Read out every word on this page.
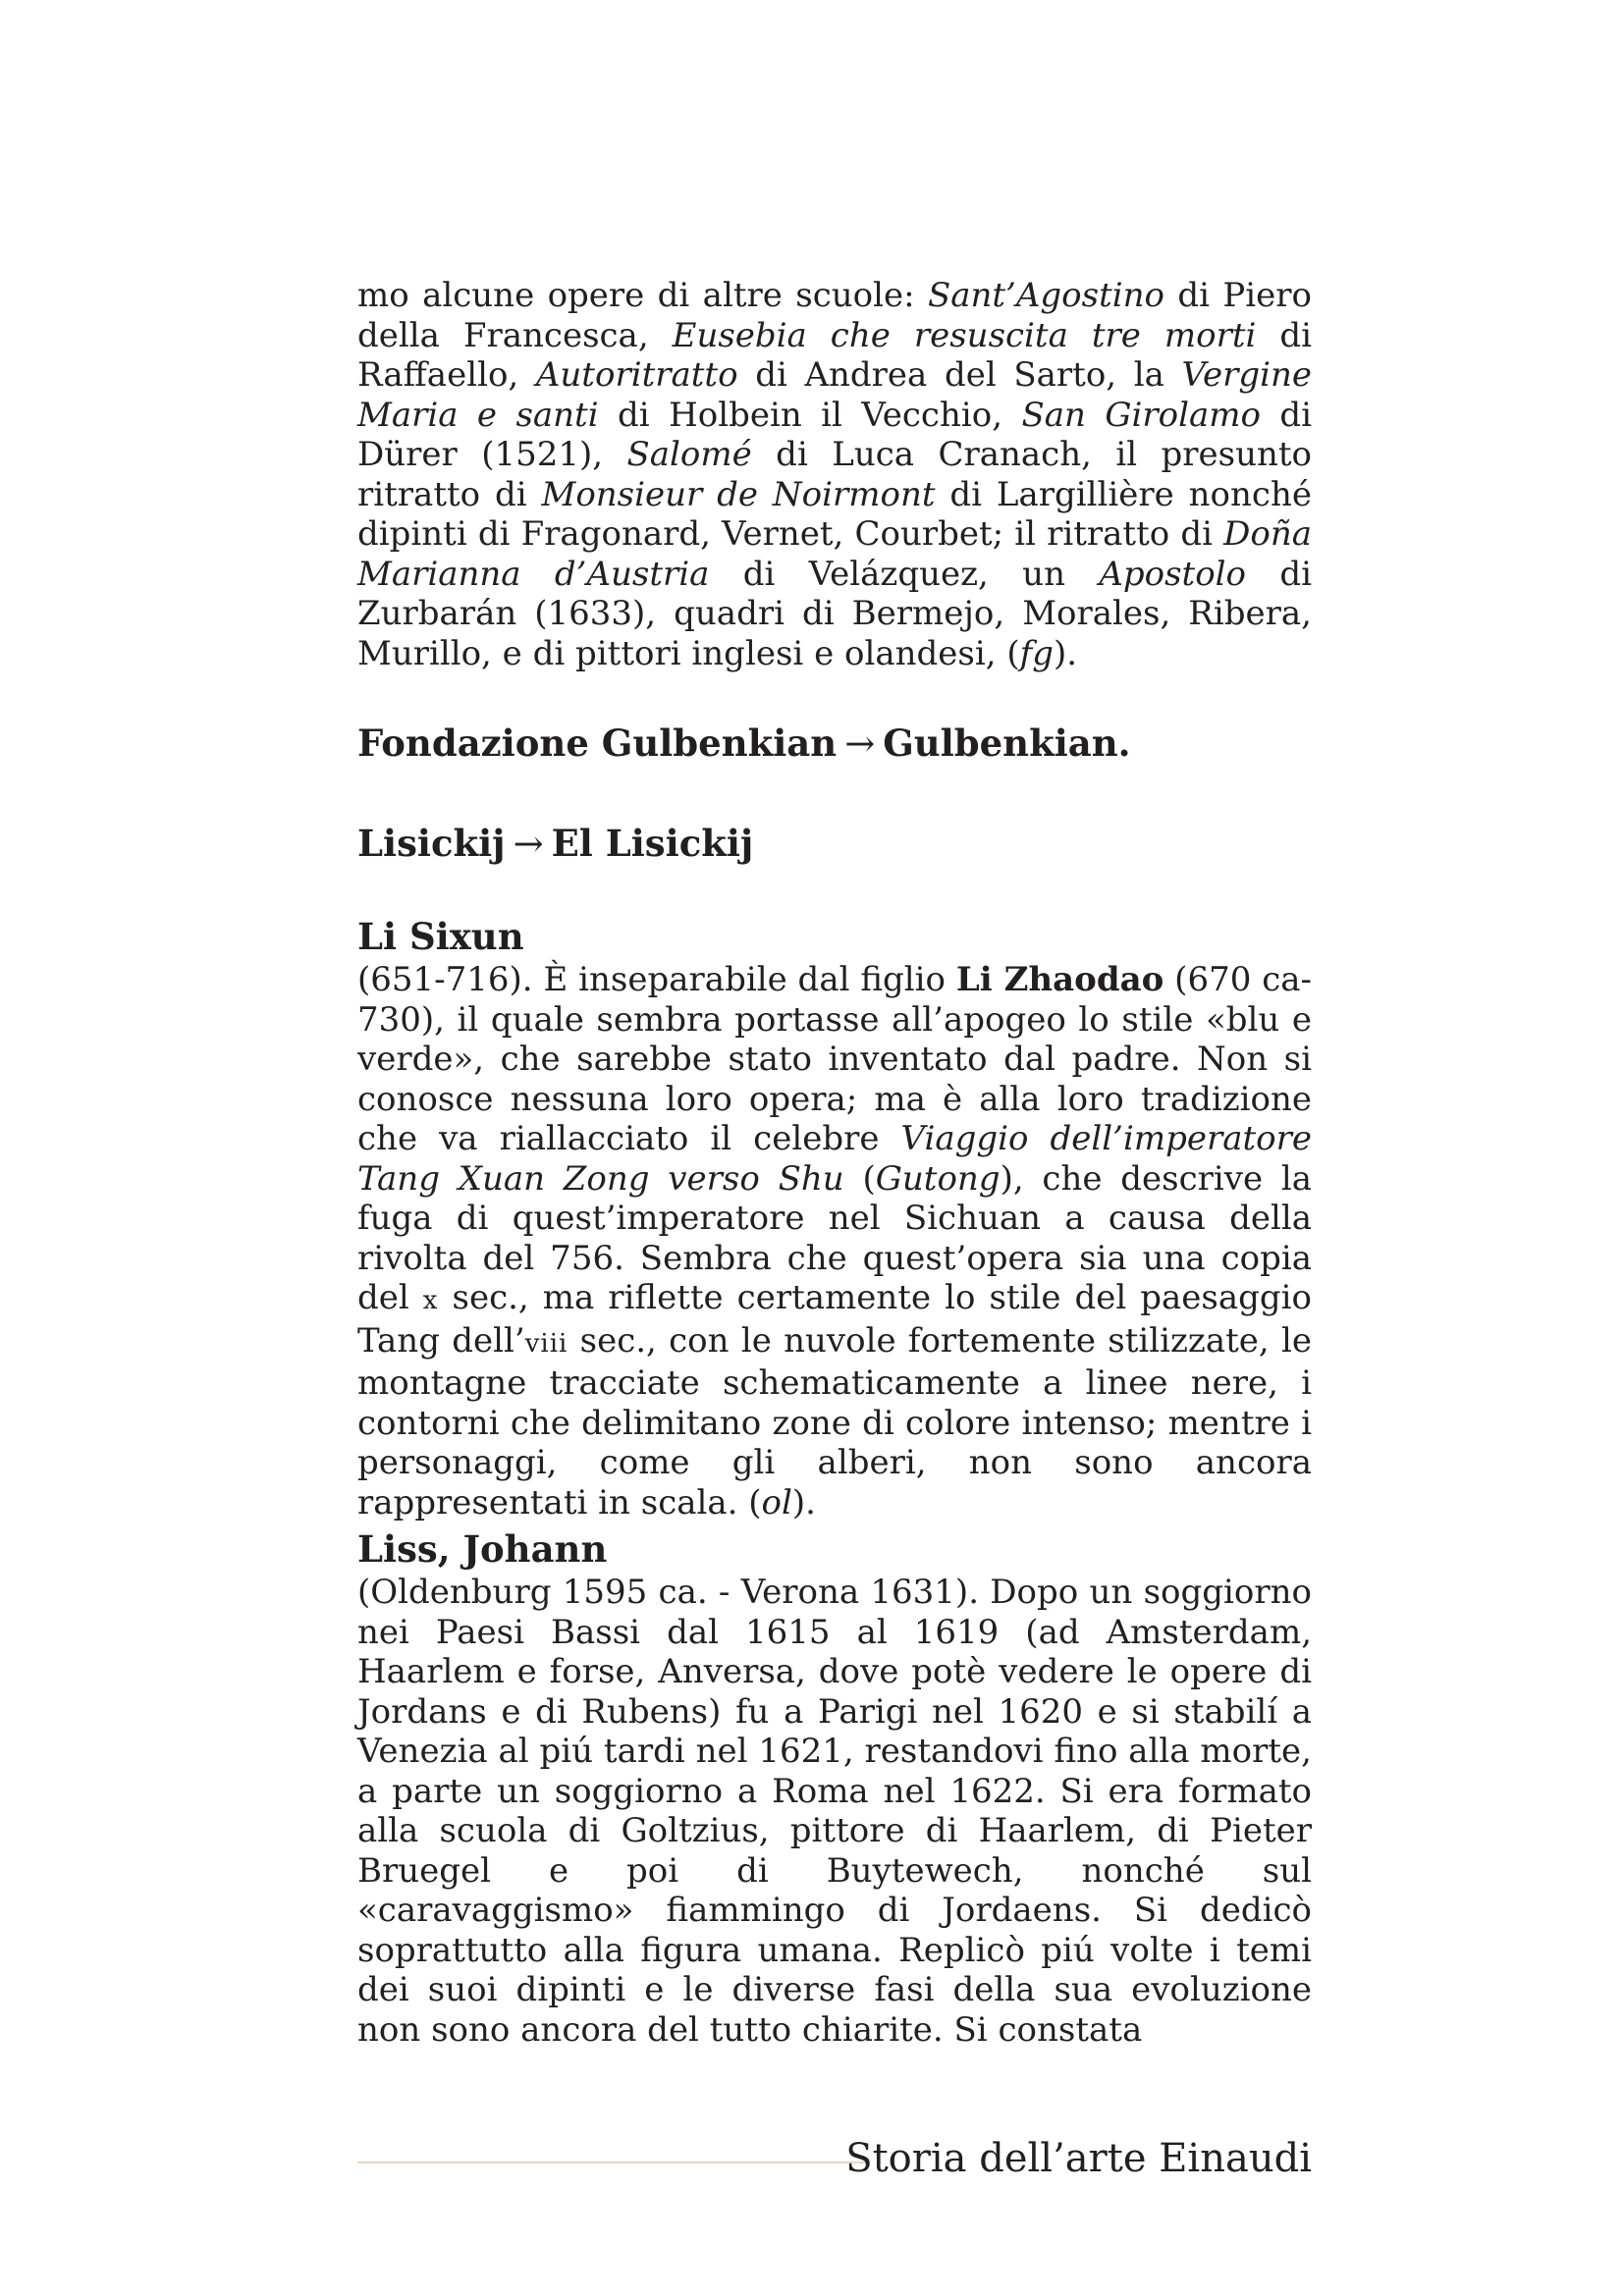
mo alcune opere di altre scuole: Sant’Agostino di Piero della Francesca, Eusebia che resuscita tre morti di Raffaello, Autoritratto di Andrea del Sarto, la Vergine Maria e santi di Holbein il Vecchio, San Girolamo di Dürer (1521), Salomé di Luca Cranach, il presunto ritratto di Monsieur de Noirmont di Largillière nonché dipinti di Fragonard, Vernet, Courbet; il ritratto di Doña Marianna d’Austria di Velázquez, un Apostolo di Zurbarán (1633), quadri di Bermejo, Morales, Ribera, Murillo, e di pittori inglesi e olandesi, (fg).

Fondazione Gulbenkian → Gulbenkian.
Lisickij → El Lisickij
Li Sixun

(651-716). È inseparabile dal figlio Li Zhaodao (670 ca-730), il quale sembra portasse all’apogeo lo stile «blu e verde», che sarebbe stato inventato dal padre. Non si conosce nessuna loro opera; ma è alla loro tradizione che va riallacciato il celebre Viaggio dell’imperatore Tang Xuan Zong verso Shu (Gutong), che descrive la fuga di quest’imperatore nel Sichuan a causa della rivolta del 756. Sembra che quest’opera sia una copia del x sec., ma riflette certamente lo stile del paesaggio Tang dell’viii sec., con le nuvole fortemente stilizzate, le montagne tracciate schematicamente a linee nere, i contorni che delimitano zone di colore intenso; mentre i personaggi, come gli alberi, non sono ancora rappresentati in scala. (ol).

Liss, Johann

(Oldenburg 1595 ca. - Verona 1631). Dopo un soggiorno nei Paesi Bassi dal 1615 al 1619 (ad Amsterdam, Haarlem e forse, Anversa, dove potè vedere le opere di Jordans e di Rubens) fu a Parigi nel 1620 e si stabilí a Venezia al piú tardi nel 1621, restandovi fino alla morte, a parte un soggiorno a Roma nel 1622. Si era formato alla scuola di Goltzius, pittore di Haarlem, di Pieter Bruegel e poi di Buytewech, nonché sul «caravaggismo» fiammingo di Jordaens. Si dedicò soprattutto alla figura umana. Replicò piú volte i temi dei suoi dipinti e le diverse fasi della sua evoluzione non sono ancora del tutto chiarite. Si constata

Storia dell’arte Einaudi
